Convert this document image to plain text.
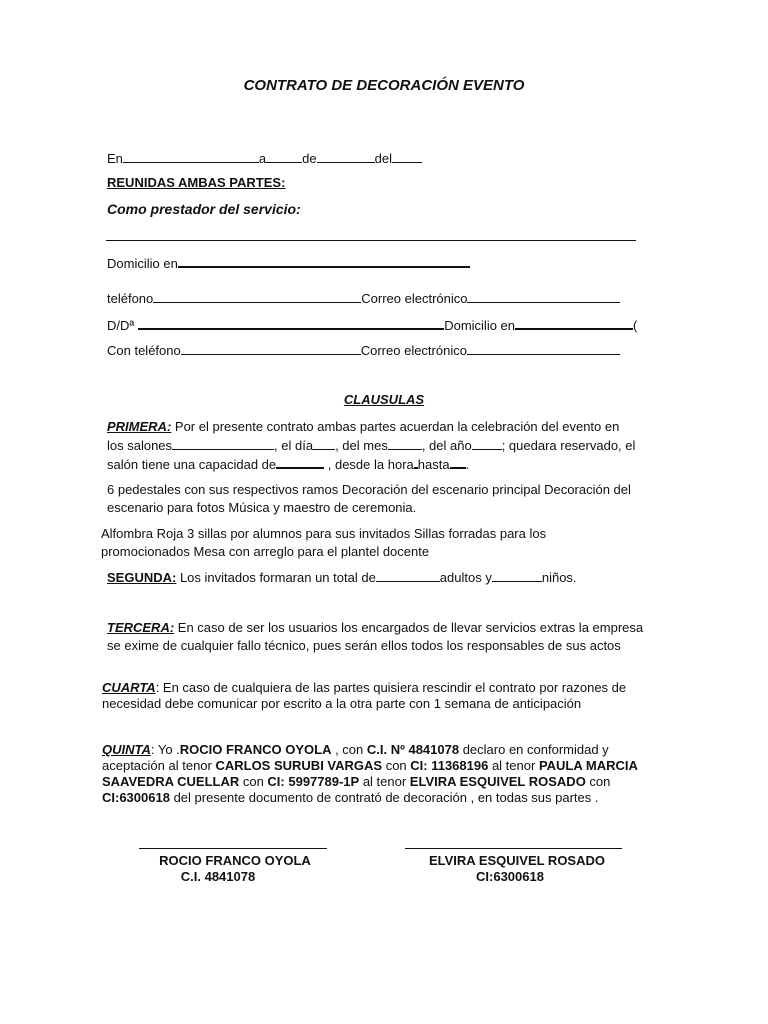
CONTRATO DE DECORACIÓN EVENTO
En	a	de	del
REUNIDAS AMBAS PARTES:
Como prestador del servicio:
Domicilio en
teléfono	Correo electrónico
D/Dª	Domicilio en	(
Con teléfono	Correo electrónico
CLAUSULAS
PRIMERA: Por el presente contrato ambas partes acuerdan la celebración del evento en
los salones	, el día , del mes	, del año ; quedara reservado, el
salón tiene una capacidad de	, desde la hora hasta .
6 pedestales con sus respectivos ramos Decoración del escenario principal Decoración del
escenario para fotos Música y maestro de ceremonia.
Alfombra Roja 3 sillas por alumnos para sus invitados Sillas forradas para los
promocionados Mesa con arreglo para el plantel docente
SEGUNDA: Los invitados formaran un total de	adultos y	niños.
TERCERA: En caso de ser los usuarios los encargados de llevar servicios extras la empresa
se exime de cualquier fallo técnico, pues serán ellos todos los responsables de sus actos
CUARTA: En caso de cualquiera de las partes quisiera rescindir el contrato por razones de
necesidad debe comunicar por escrito a la otra parte con 1 semana de anticipación
QUINTA: Yo .ROCIO FRANCO OYOLA , con C.I. Nº 4841078 declaro en conformidad y
aceptación al tenor CARLOS SURUBI VARGAS con CI: 11368196 al tenor PAULA MARCIA
SAAVEDRA CUELLAR con CI: 5997789-1P al tenor ELVIRA ESQUIVEL ROSADO con
CI:6300618 del presente documento de contrató de decoración , en todas sus partes .
ROCIO FRANCO OYOLA
C.I. 4841078
ELVIRA ESQUIVEL ROSADO
CI:6300618
